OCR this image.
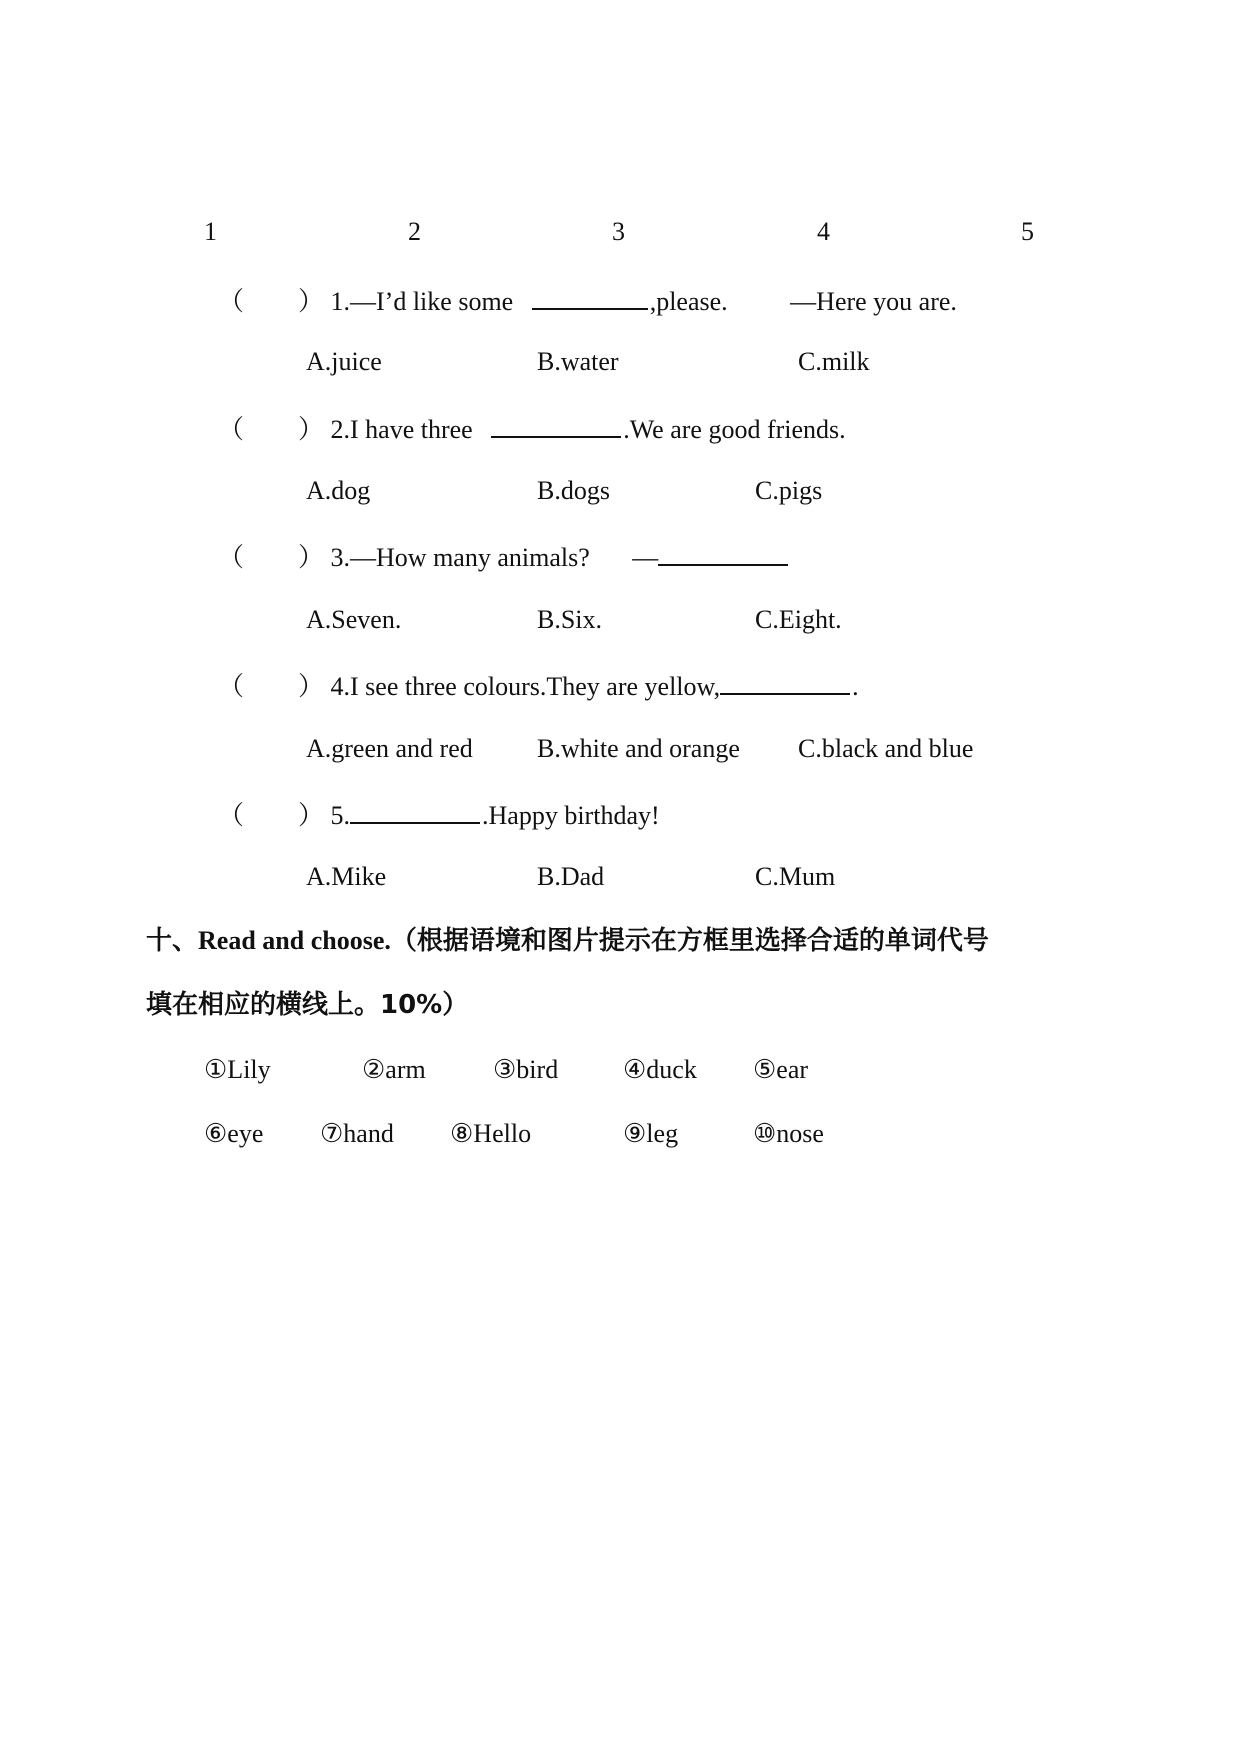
1	2	3	4	5
（ ） 1.—I’d like some	,please. —Here you are.
A.juice	B.water	C.milk
（ ） 2.I have three	.We are good friends.
A.dog	B.dogs	C.pigs
（ ） 3.—How many animals? —
A.Seven.	B.Six.	C.Eight.
（ ） 4.I see three colours.They are yellow,	.
A.green and red B.white and orange C.black and blue
（ ） 5.	.Happy birthday!
A.Mike	B.Dad	C.Mum
十、Read and choose.（根据语境和图片提示在方框里选择合适的单词代号
填在相应的横线上。10%）
①Lily	②arm	③bird ④duck ⑤ear
⑥eye ⑦hand ⑧Hello	⑨leg	⑩nose
